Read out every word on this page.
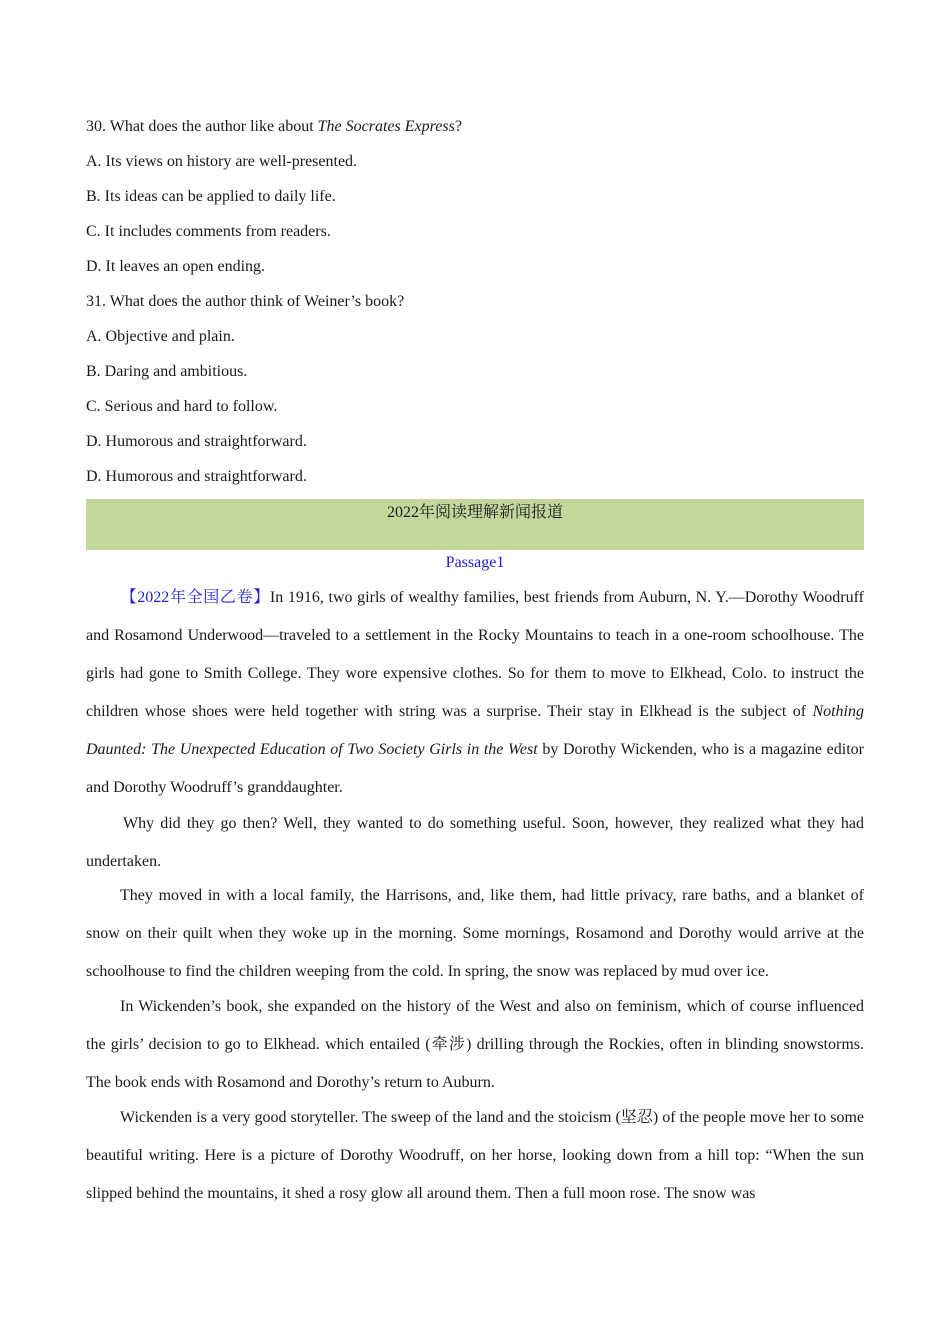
30. What does the author like about The Socrates Express?
A. Its views on history are well-presented.
B. Its ideas can be applied to daily life.
C. It includes comments from readers.
D. It leaves an open ending.
31. What does the author think of Weiner’s book?
A. Objective and plain.
B. Daring and ambitious.
C. Serious and hard to follow.
D. Humorous and straightforward.
D. Humorous and straightforward.
2022年阅读理解新闻报道
Passage1
【2022年全国乙卷】In 1916, two girls of wealthy families, best friends from Auburn, N. Y.—Dorothy Woodruff and Rosamond Underwood—traveled to a settlement in the Rocky Mountains to teach in a one-room schoolhouse. The girls had gone to Smith College. They wore expensive clothes. So for them to move to Elkhead, Colo. to instruct the children whose shoes were held together with string was a surprise. Their stay in Elkhead is the subject of Nothing Daunted: The Unexpected Education of Two Society Girls in the West by Dorothy Wickenden, who is a magazine editor and Dorothy Woodruff’s granddaughter.
Why did they go then? Well, they wanted to do something useful. Soon, however, they realized what they had undertaken.
They moved in with a local family, the Harrisons, and, like them, had little privacy, rare baths, and a blanket of snow on their quilt when they woke up in the morning. Some mornings, Rosamond and Dorothy would arrive at the schoolhouse to find the children weeping from the cold. In spring, the snow was replaced by mud over ice.
In Wickenden’s book, she expanded on the history of the West and also on feminism, which of course influenced the girls’ decision to go to Elkhead. which entailed (牵涉) drilling through the Rockies, often in blinding snowstorms. The book ends with Rosamond and Dorothy’s return to Auburn.
Wickenden is a very good storyteller. The sweep of the land and the stoicism (坚忍) of the people move her to some beautiful writing. Here is a picture of Dorothy Woodruff, on her horse, looking down from a hill top: “When the sun slipped behind the mountains, it shed a rosy glow all around them. Then a full moon rose. The snow was
